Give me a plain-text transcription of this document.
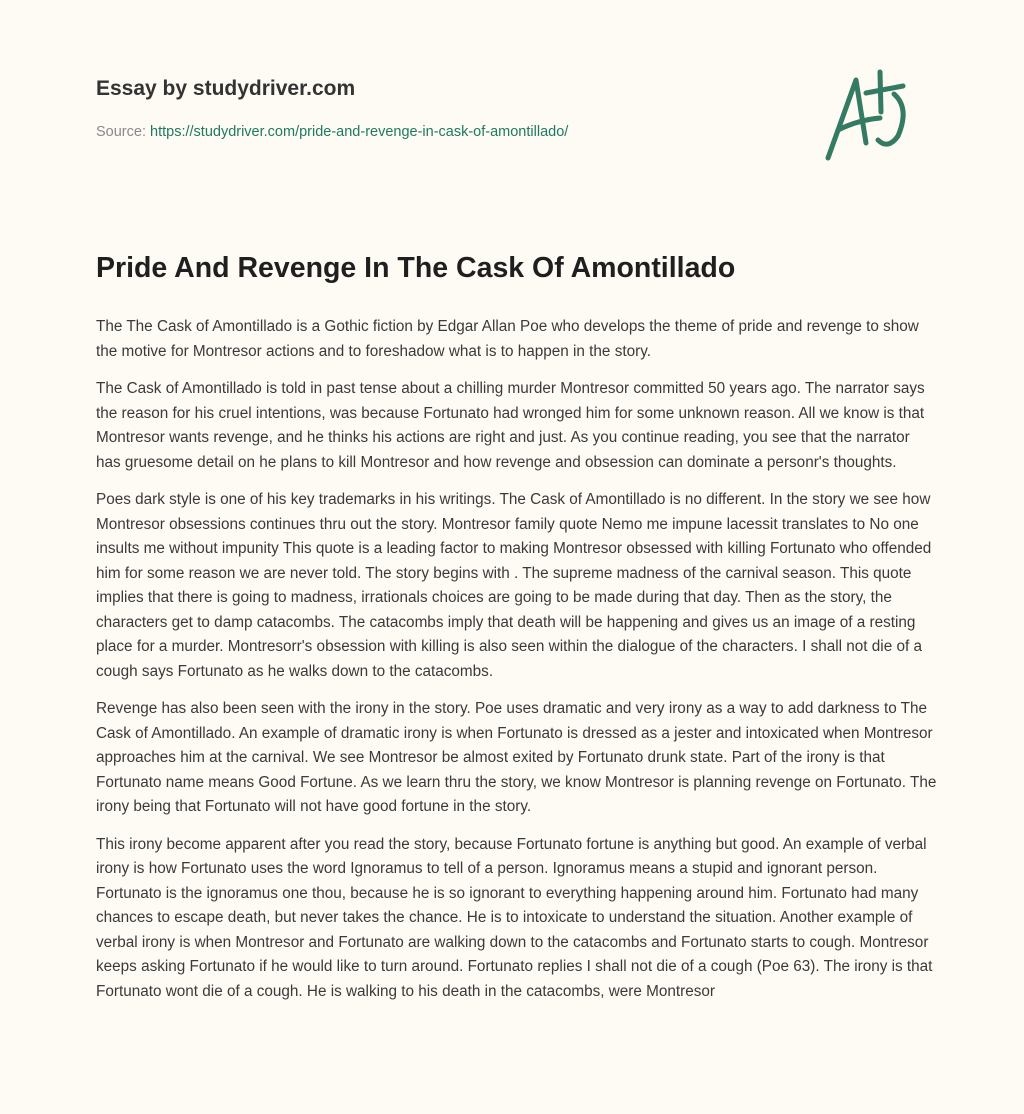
Essay by studydriver.com
Source: https://studydriver.com/pride-and-revenge-in-cask-of-amontillado/
Pride And Revenge In The Cask Of Amontillado

The The Cask of Amontillado is a Gothic fiction by Edgar Allan Poe who develops the theme of pride and revenge to show the motive for Montresor actions and to foreshadow what is to happen in the story.

The Cask of Amontillado is told in past tense about a chilling murder Montresor committed 50 years ago. The narrator says the reason for his cruel intentions, was because Fortunato had wronged him for some unknown reason. All we know is that Montresor wants revenge, and he thinks his actions are right and just. As you continue reading, you see that the narrator has gruesome detail on he plans to kill Montresor and how revenge and obsession can dominate a personr's thoughts.

Poes dark style is one of his key trademarks in his writings. The Cask of Amontillado is no different. In the story we see how Montresor obsessions continues thru out the story. Montresor family quote Nemo me impune lacessit translates to No one insults me without impunity This quote is a leading factor to making Montresor obsessed with killing Fortunato who offended him for some reason we are never told. The story begins with . The supreme madness of the carnival season. This quote implies that there is going to madness, irrationals choices are going to be made during that day. Then as the story, the characters get to damp catacombs. The catacombs imply that death will be happening and gives us an image of a resting place for a murder. Montresorr's obsession with killing is also seen within the dialogue of the characters. I shall not die of a cough says Fortunato as he walks down to the catacombs.

Revenge has also been seen with the irony in the story. Poe uses dramatic and very irony as a way to add darkness to The Cask of Amontillado. An example of dramatic irony is when Fortunato is dressed as a jester and intoxicated when Montresor approaches him at the carnival. We see Montresor be almost exited by Fortunato drunk state. Part of the irony is that Fortunato name means Good Fortune. As we learn thru the story, we know Montresor is planning revenge on Fortunato. The irony being that Fortunato will not have good fortune in the story.

This irony become apparent after you read the story, because Fortunato fortune is anything but good. An example of verbal irony is how Fortunato uses the word Ignoramus to tell of a person. Ignoramus means a stupid and ignorant person. Fortunato is the ignoramus one thou, because he is so ignorant to everything happening around him. Fortunato had many chances to escape death, but never takes the chance. He is to intoxicate to understand the situation. Another example of verbal irony is when Montresor and Fortunato are walking down to the catacombs and Fortunato starts to cough. Montresor keeps asking Fortunato if he would like to turn around. Fortunato replies I shall not die of a cough (Poe 63). The irony is that Fortunato wont die of a cough. He is walking to his death in the catacombs, were Montresor
